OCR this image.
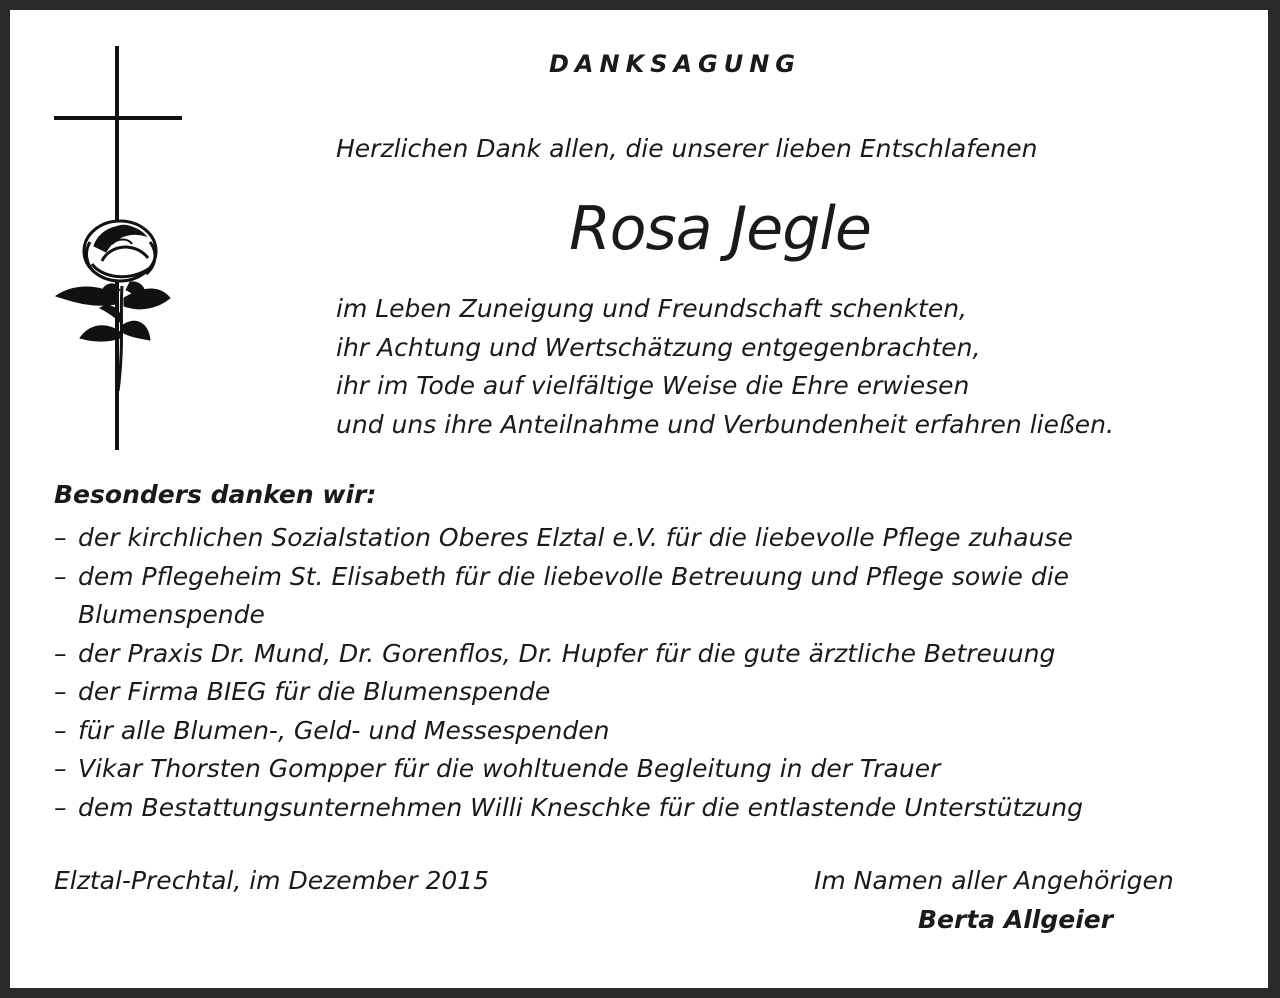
DANKSAGUNG
Herzlichen Dank allen, die unserer lieben Entschlafenen
Rosa Jegle
im Leben Zuneigung und Freundschaft schenkten,
ihr Achtung und Wertschätzung entgegenbrachten,
ihr im Tode auf vielfältige Weise die Ehre erwiesen
und uns ihre Anteilnahme und Verbundenheit erfahren ließen.
Besonders danken wir:
– der kirchlichen Sozialstation Oberes Elztal e.V. für die liebevolle Pflege zuhause
– dem Pflegeheim St. Elisabeth für die liebevolle Betreuung und Pflege sowie die
Blumenspende
– der Praxis Dr. Mund, Dr. Gorenflos, Dr. Hupfer für die gute ärztliche Betreuung
– der Firma BIEG für die Blumenspende
– für alle Blumen-, Geld- und Messespenden
– Vikar Thorsten Gompper für die wohltuende Begleitung in der Trauer
– dem Bestattungsunternehmen Willi Kneschke für die entlastende Unterstützung
Elztal-Prechtal, im Dezember 2015	Im Namen aller Angehörigen
Berta Allgeier
